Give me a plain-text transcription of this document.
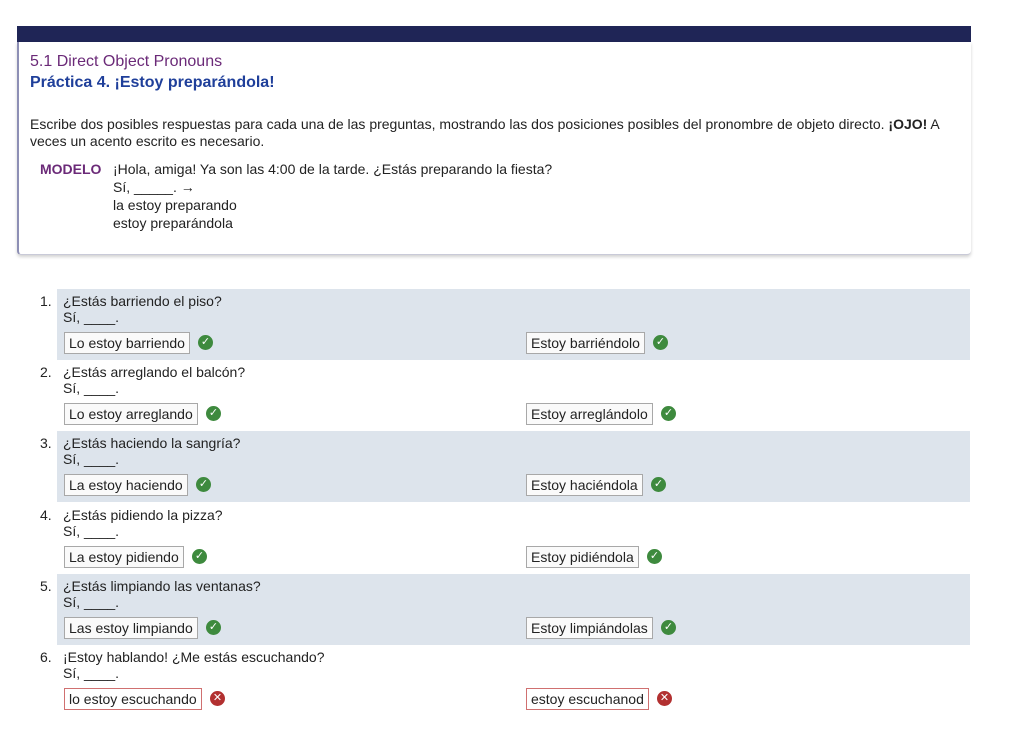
5.1 Direct Object Pronouns
Práctica 4. ¡Estoy preparándola!
Escribe dos posibles respuestas para cada una de las preguntas, mostrando las dos posiciones posibles del pronombre de objeto directo. ¡OJO! A veces un acento escrito es necesario.
MODELO ¡Hola, amiga! Ya son las 4:00 de la tarde. ¿Estás preparando la fiesta?
Sí, _____. →
la estoy preparando
estoy preparándola
1. ¿Estás barriendo el piso?
Sí, ____.
Lo estoy barriendo	Estoy barriéndolo
✓	✓
2. ¿Estás arreglando el balcón?
Sí, ____.
Lo estoy arreglando	Estoy arreglándolo
✓	✓
3. ¿Estás haciendo la sangría?
Sí, ____.
La estoy haciendo	Estoy haciéndola
✓	✓
4. ¿Estás pidiendo la pizza?
Sí, ____.
La estoy pidiendo	Estoy pidiéndola
✓	✓
5. ¿Estás limpiando las ventanas?
Sí, ____.
Las estoy limpiando	Estoy limpiándolas
✓	✓
6. ¡Estoy hablando! ¿Me estás escuchando?
Sí, ____.
lo estoy escuchando	estoy escuchanod
✕	✕
